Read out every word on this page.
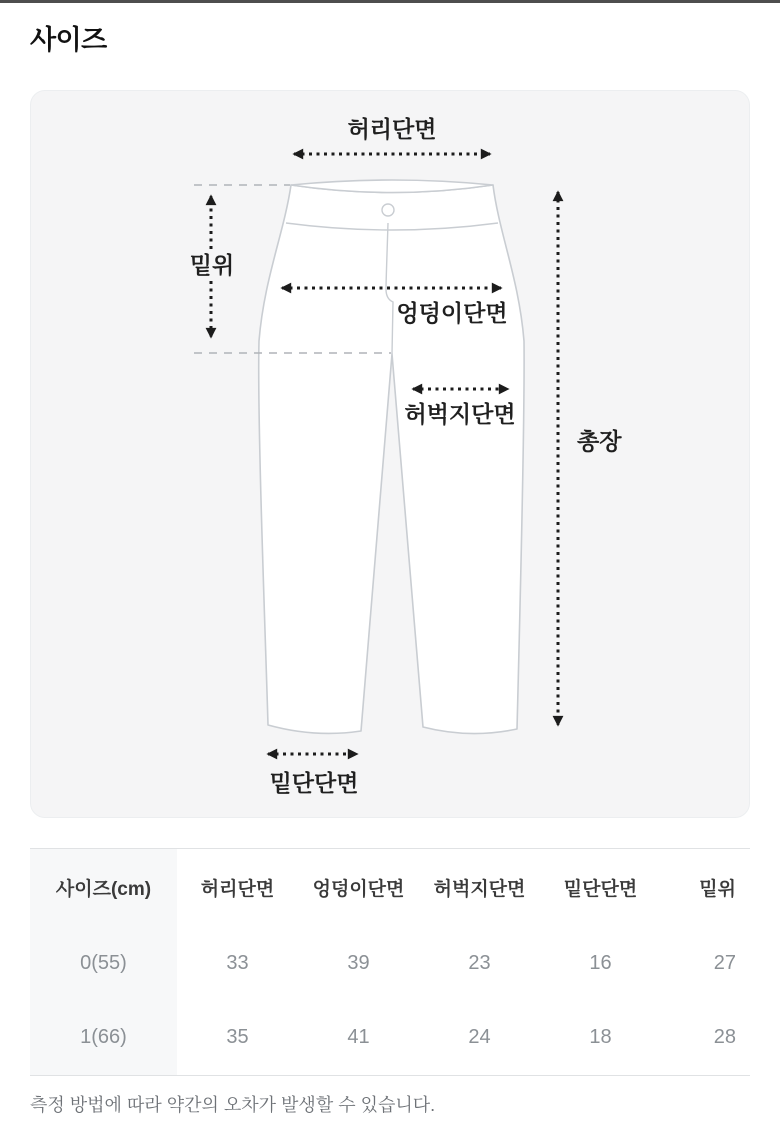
사이즈
허리단면
밑위
엉덩이단면
허벅지단면
총장
밑단단면
사이즈(cm)	허리단면	엉덩이단면	허벅지단면	밑단단면	밑위
0(55)	33	39	23	16	27
1(66)	35	41	24	18	28

측정 방법에 따라 약간의 오차가 발생할 수 있습니다.
